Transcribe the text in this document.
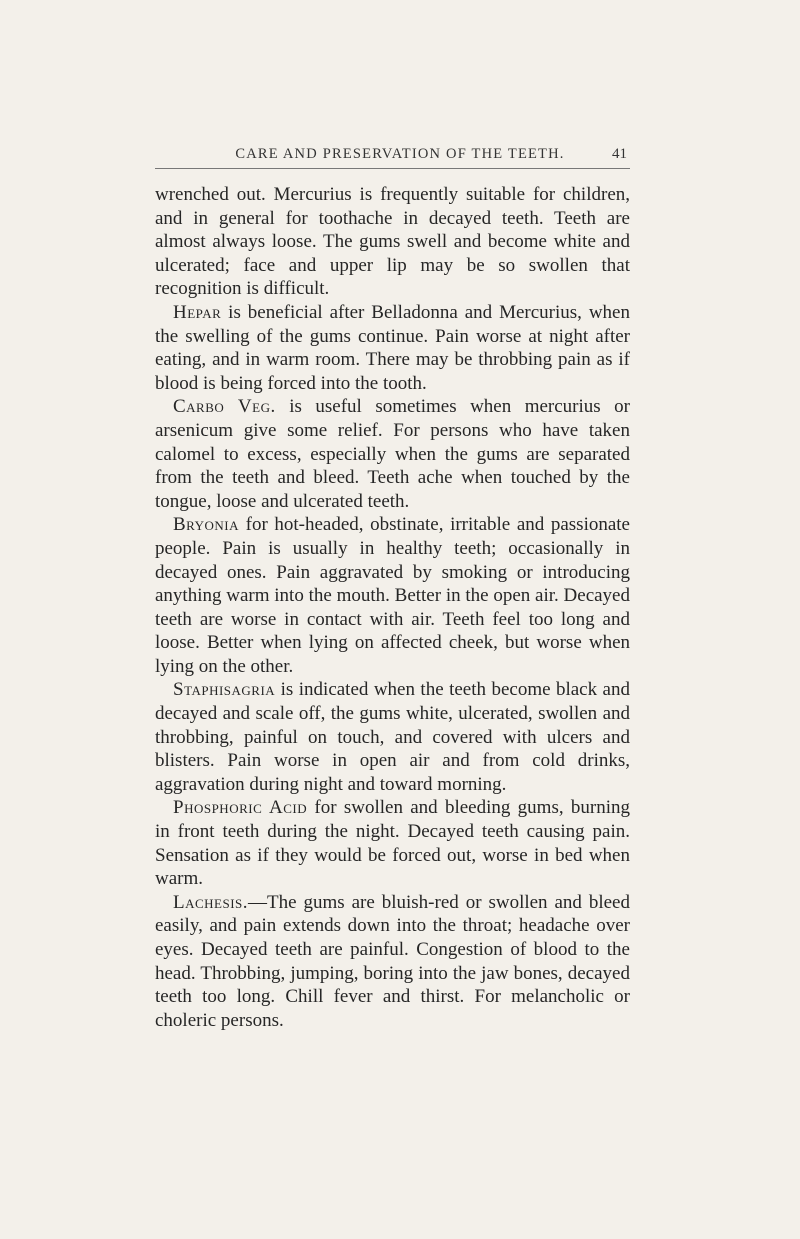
CARE AND PRESERVATION OF THE TEETH.	41

wrenched out. Mercurius is frequently suitable for children, and in general for toothache in decayed teeth. Teeth are almost always loose. The gums swell and become white and ulcerated; face and upper lip may be so swollen that recognition is difficult.

Hepar is beneficial after Belladonna and Mercurius, when the swelling of the gums continue. Pain worse at night after eating, and in warm room. There may be throbbing pain as if blood is being forced into the tooth.

Carbo Veg. is useful sometimes when mercurius or arsenicum give some relief. For persons who have taken calomel to excess, especially when the gums are separated from the teeth and bleed. Teeth ache when touched by the tongue, loose and ulcerated teeth.

Bryonia for hot-headed, obstinate, irritable and passionate people. Pain is usually in healthy teeth; occasionally in decayed ones. Pain aggravated by smoking or introducing anything warm into the mouth. Better in the open air. Decayed teeth are worse in contact with air. Teeth feel too long and loose. Better when lying on affected cheek, but worse when lying on the other.

Staphisagria is indicated when the teeth become black and decayed and scale off, the gums white, ulcerated, swollen and throbbing, painful on touch, and covered with ulcers and blisters. Pain worse in open air and from cold drinks, aggravation during night and toward morning.

Phosphoric Acid for swollen and bleeding gums, burning in front teeth during the night. Decayed teeth causing pain. Sensation as if they would be forced out, worse in bed when warm.

Lachesis.—The gums are bluish-red or swollen and bleed easily, and pain extends down into the throat; headache over eyes. Decayed teeth are painful. Congestion of blood to the head. Throbbing, jumping, boring into the jaw bones, decayed teeth too long. Chill fever and thirst. For melancholic or choleric persons.
